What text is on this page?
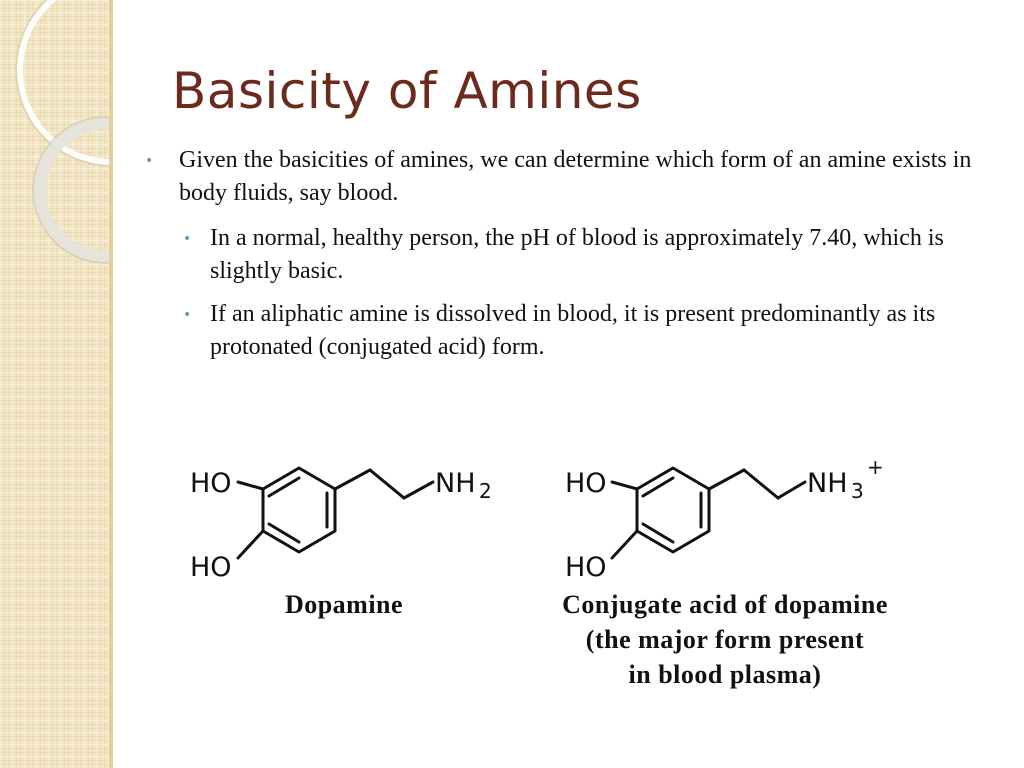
Basicity of Amines
• Given the basicities of amines, we can determine which form of an amine exists in body fluids, say blood.
• In a normal, healthy person, the pH of blood is approximately 7.40, which is slightly basic.
• If an aliphatic amine is dissolved in blood, it is present predominantly as its protonated (conjugated acid) form.
HO
HO
NH 2	HO
HO
NH 3
+
Dopamine	Conjugate acid of dopamine
(the major form present
in blood plasma)
